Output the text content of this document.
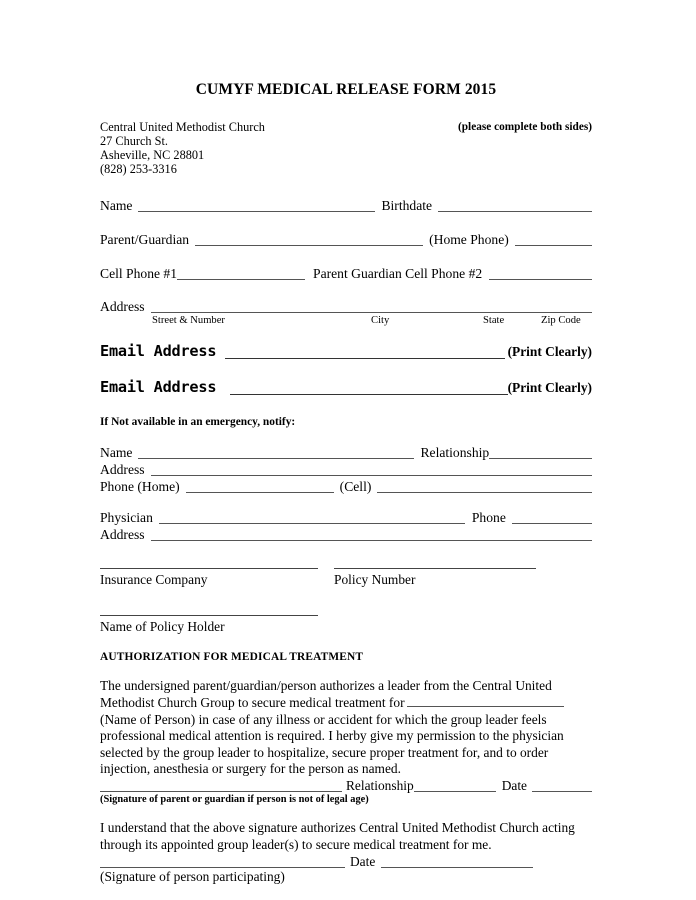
CUMYF MEDICAL RELEASE FORM 2015
Central United Methodist Church
27 Church St.
Asheville, NC 28801
(828) 253-3316
(please complete both sides)
Name	Birthdate
Parent/Guardian	(Home Phone)
Cell Phone #1	Parent Guardian Cell Phone #2
Address
Street & Number	City	State	Zip Code
Email Address	(Print Clearly)
Email Address	(Print Clearly)
If Not available in an emergency, notify:
Name	Relationship
Address
Phone (Home)	(Cell)
Physician	Phone
Address
Insurance Company	Policy Number
Name of Policy Holder
AUTHORIZATION FOR MEDICAL TREATMENT
The undersigned parent/guardian/person authorizes a leader from the Central United Methodist Church Group to secure medical treatment for(Name of Person) in case of any illness or accident for which the group leader feels professional medical attention is required. I herby give my permission to the physician selected by the group leader to hospitalize, secure proper treatment for, and to order injection, anesthesia or surgery for the person as named.
Relationship	Date
(Signature of parent or guardian if person is not of legal age)
I understand that the above signature authorizes Central United Methodist Church acting through its appointed group leader(s) to secure medical treatment for me.
Date
(Signature of person participating)
